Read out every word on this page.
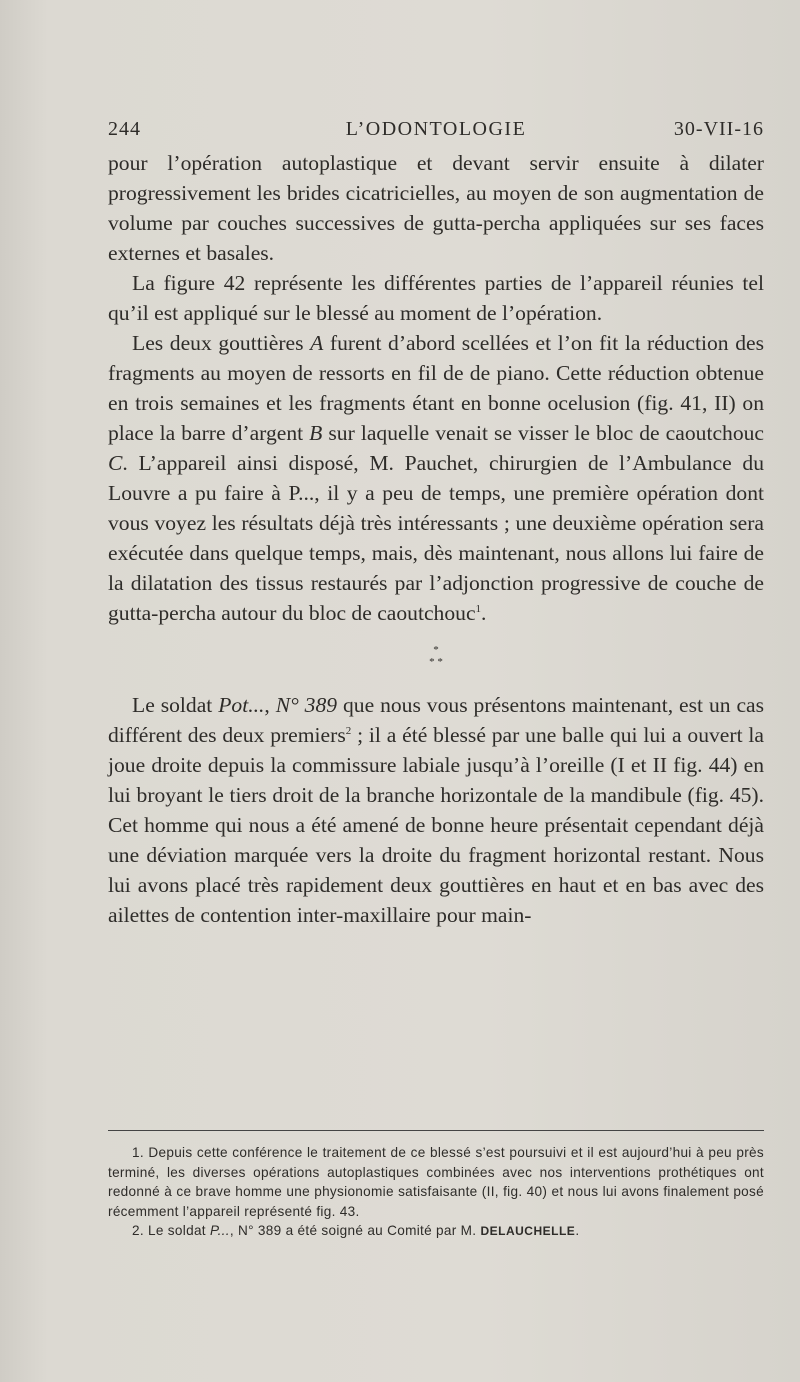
244	L’ODONTOLOGIE	30-VII-16

pour l’opération autoplastique et devant servir ensuite à dilater progressivement les brides cicatricielles, au moyen de son augmentation de volume par couches successives de gutta-percha appliquées sur ses faces externes et basales.

La figure 42 représente les différentes parties de l’appareil réunies tel qu’il est appliqué sur le blessé au moment de l’opération.

Les deux gouttières A furent d’abord scellées et l’on fit la réduction des fragments au moyen de ressorts en fil de de piano. Cette réduction obtenue en trois semaines et les fragments étant en bonne ocelusion (fig. 41, II) on place la barre d’argent B sur laquelle venait se visser le bloc de caoutchouc C. L’appareil ainsi disposé, M. Pauchet, chirurgien de l’Ambulance du Louvre a pu faire à P..., il y a peu de temps, une première opération dont vous voyez les résultats déjà très intéressants ; une deuxième opération sera exécutée dans quelque temps, mais, dès maintenant, nous allons lui faire de la dilatation des tissus restaurés par l’adjonction progressive de couche de gutta-percha autour du bloc de caoutchouc$^1$.

*
* *

Le soldat Pot..., N° 389 que nous vous présentons maintenant, est un cas différent des deux premiers$^2$ ; il a été blessé par une balle qui lui a ouvert la joue droite depuis la commissure labiale jusqu’à l’oreille (I et II fig. 44) en lui broyant le tiers droit de la branche horizontale de la mandibule (fig. 45). Cet homme qui nous a été amené de bonne heure présentait cependant déjà une déviation marquée vers la droite du fragment horizontal restant. Nous lui avons placé très rapidement deux gouttières en haut et en bas avec des ailettes de contention inter-maxillaire pour main-

1. Depuis cette conférence le traitement de ce blessé s’est poursuivi et il est aujourd’hui à peu près terminé, les diverses opérations autoplastiques combinées avec nos interventions prothétiques ont redonné à ce brave homme une physionomie satisfaisante (II, fig. 40) et nous lui avons finalement posé récemment l’appareil représenté fig. 43.

2. Le soldat P..., N° 389 a été soigné au Comité par M. DELAUCHELLE.
